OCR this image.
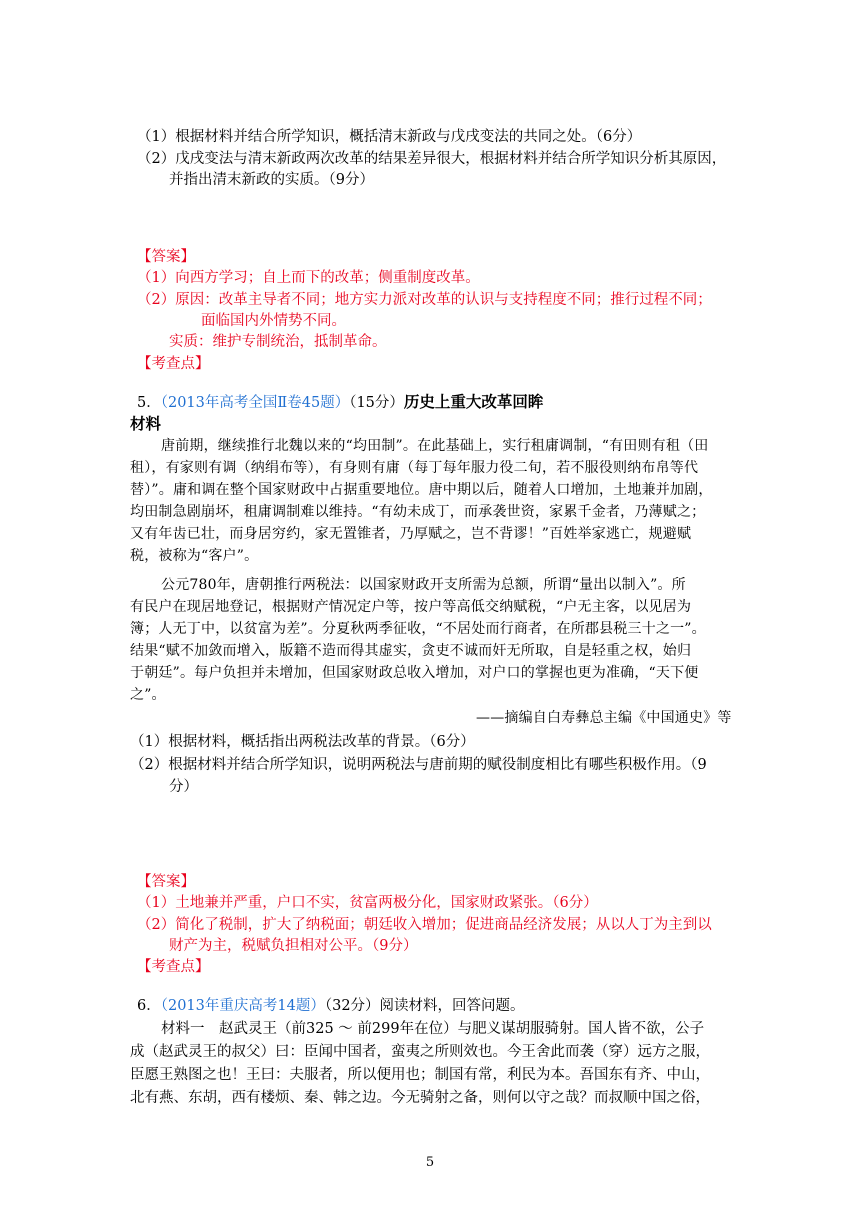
（1）根据材料并结合所学知识，概括清末新政与戊戌变法的共同之处。（6分）
（2）戊戌变法与清末新政两次改革的结果差异很大，根据材料并结合所学知识分析其原因，
并指出清末新政的实质。（9分）
【答案】
（1）向西方学习；自上而下的改革；侧重制度改革。
（2）原因：改革主导者不同；地方实力派对改革的认识与支持程度不同；推行过程不同；
面临国内外情势不同。
实质：维护专制统治，抵制革命。
【考查点】
5．（2013年高考全国Ⅱ卷45题）（15分）历史上重大改革回眸
材料
唐前期，继续推行北魏以来的“均田制”。在此基础上，实行租庸调制，“有田则有租（田
租），有家则有调（纳绢布等），有身则有庸（每丁每年服力役二旬，若不服役则纳布帛等代
替）”。庸和调在整个国家财政中占据重要地位。唐中期以后，随着人口增加，土地兼并加剧，
均田制急剧崩坏，租庸调制难以维持。“有幼未成丁，而承袭世资，家累千金者，乃薄赋之；
又有年齿已壮，而身居穷约，家无置锥者，乃厚赋之，岂不背谬！”百姓举家逃亡，规避赋
税，被称为“客户”。
公元780年，唐朝推行两税法：以国家财政开支所需为总额，所谓“量出以制入”。所
有民户在现居地登记，根据财产情况定户等，按户等高低交纳赋税，“户无主客，以见居为
簿；人无丁中，以贫富为差”。分夏秋两季征收，“不居处而行商者，在所郡县税三十之一”。
结果“赋不加敛而增入，版籍不造而得其虚实，贪吏不诚而奸无所取，自是轻重之权，始归
于朝廷”。每户负担并未增加，但国家财政总收入增加，对户口的掌握也更为准确，“天下便
之”。
——摘编自白寿彝总主编《中国通史》等
（1）根据材料，概括指出两税法改革的背景。（6分）
（2）根据材料并结合所学知识，说明两税法与唐前期的赋役制度相比有哪些积极作用。（9
分）
【答案】
（1）土地兼并严重，户口不实，贫富两极分化，国家财政紧张。（6分）
（2）简化了税制，扩大了纳税面；朝廷收入增加；促进商品经济发展；从以人丁为主到以
财产为主，税赋负担相对公平。（9分）
【考查点】
6．（2013年重庆高考14题）（32分）阅读材料，回答问题。
材料一　赵武灵王（前325 ～ 前299年在位）与肥义谋胡服骑射。国人皆不欲，公子
成（赵武灵王的叔父）曰：臣闻中国者，蛮夷之所则效也。今王舍此而袭（穿）远方之服，
臣愿王熟图之也！王曰：夫服者，所以便用也；制国有常，利民为本。吾国东有齐、中山，
北有燕、东胡，西有楼烦、秦、韩之边。今无骑射之备，则何以守之哉？而叔顺中国之俗，
5
